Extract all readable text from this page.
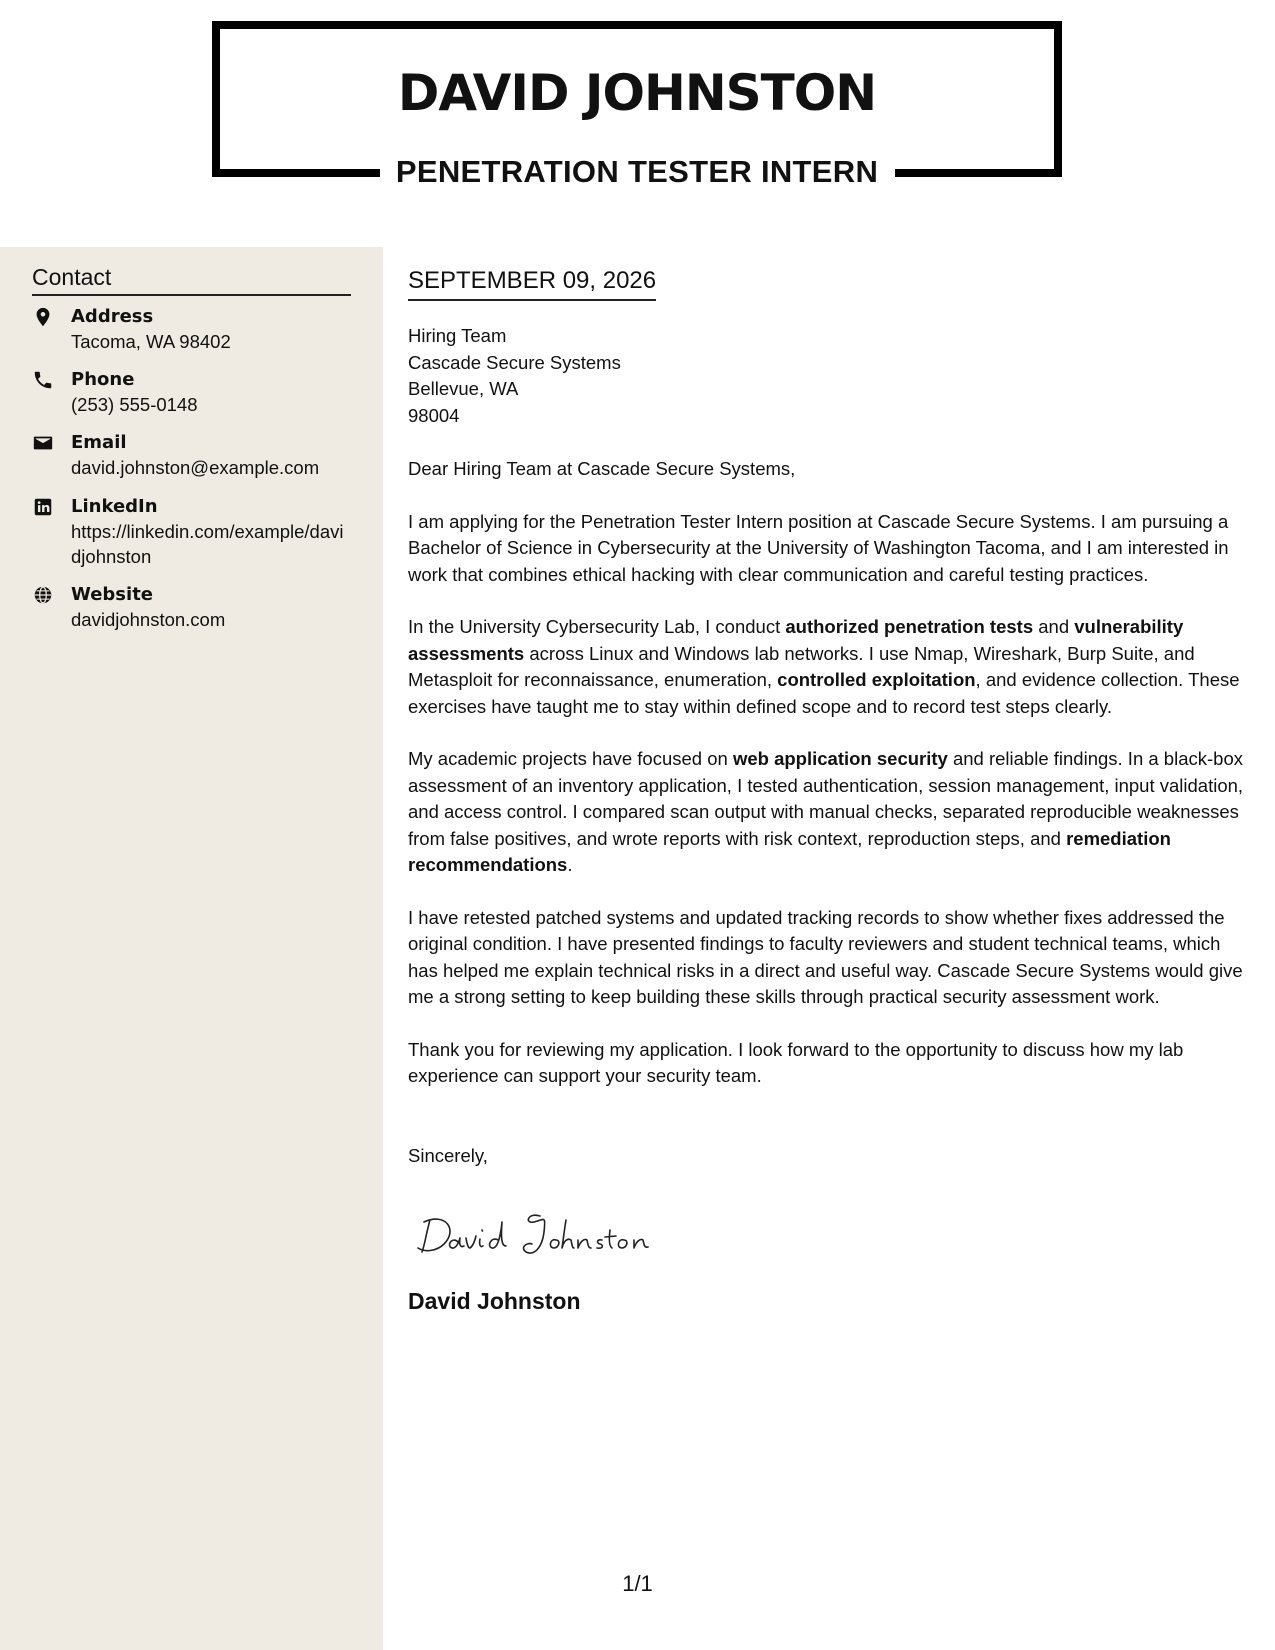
DAVID JOHNSTON
PENETRATION TESTER INTERN
Contact
Address
Tacoma, WA 98402
Phone
(253) 555-0148
Email
david.johnston@example.com
LinkedIn
https://linkedin.com/example/davidjohnston
Website
davidjohnston.com
SEPTEMBER 09, 2026
Hiring Team
Cascade Secure Systems
Bellevue, WA
98004

Dear Hiring Team at Cascade Secure Systems,

I am applying for the Penetration Tester Intern position at Cascade Secure Systems. I am pursuing a Bachelor of Science in Cybersecurity at the University of Washington Tacoma, and I am interested in work that combines ethical hacking with clear communication and careful testing practices.

In the University Cybersecurity Lab, I conduct authorized penetration tests and vulnerability assessments across Linux and Windows lab networks. I use Nmap, Wireshark, Burp Suite, and Metasploit for reconnaissance, enumeration, controlled exploitation, and evidence collection. These exercises have taught me to stay within defined scope and to record test steps clearly.

My academic projects have focused on web application security and reliable findings. In a black-box assessment of an inventory application, I tested authentication, session management, input validation, and access control. I compared scan output with manual checks, separated reproducible weaknesses from false positives, and wrote reports with risk context, reproduction steps, and remediation recommendations.

I have retested patched systems and updated tracking records to show whether fixes addressed the original condition. I have presented findings to faculty reviewers and student technical teams, which has helped me explain technical risks in a direct and useful way. Cascade Secure Systems would give me a strong setting to keep building these skills through practical security assessment work.

Thank you for reviewing my application. I look forward to the opportunity to discuss how my lab experience can support your security team.

Sincerely,
David Johnston
1/1
